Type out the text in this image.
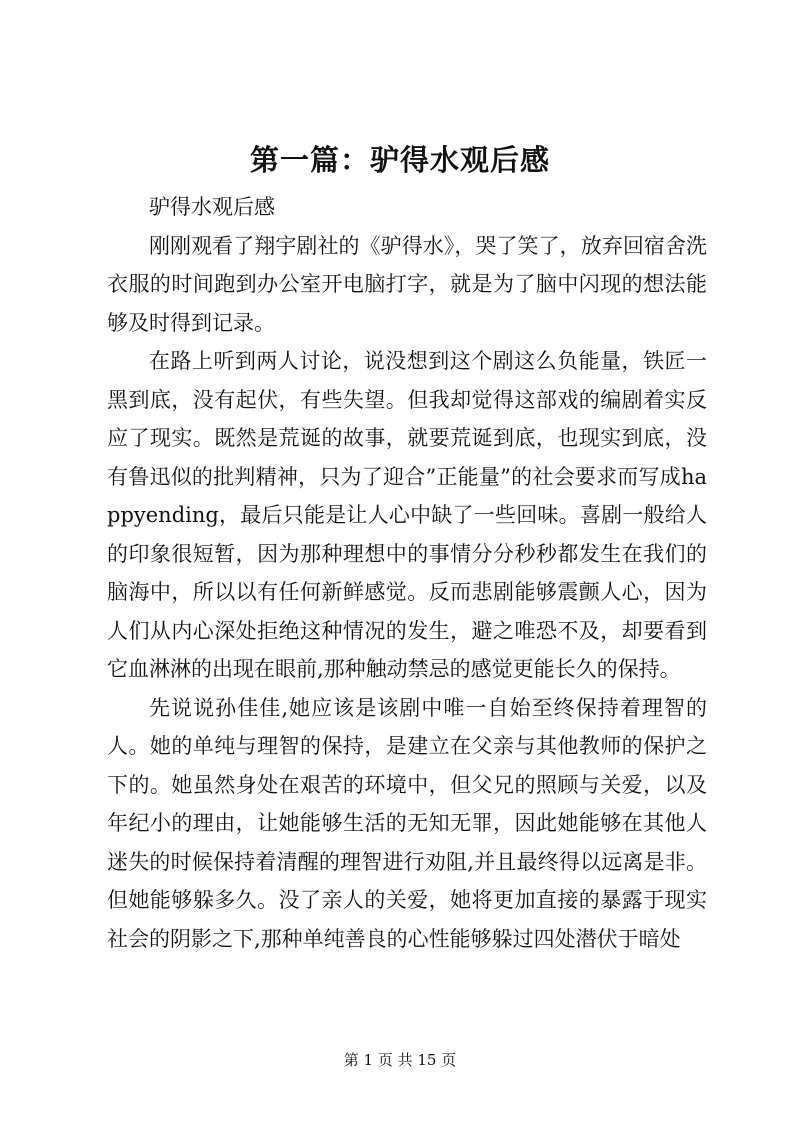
第一篇：驴得水观后感

驴得水观后感

刚刚观看了翔宇剧社的《驴得水》，哭了笑了，放弃回宿舍洗衣服的时间跑到办公室开电脑打字，就是为了脑中闪现的想法能够及时得到记录。

在路上听到两人讨论，说没想到这个剧这么负能量，铁匠一黑到底，没有起伏，有些失望。但我却觉得这部戏的编剧着实反应了现实。既然是荒诞的故事，就要荒诞到底，也现实到底，没有鲁迅似的批判精神，只为了迎合”正能量”的社会要求而写成happyending，最后只能是让人心中缺了一些回味。喜剧一般给人的印象很短暂，因为那种理想中的事情分分秒秒都发生在我们的脑海中，所以以有任何新鲜感觉。反而悲剧能够震颤人心，因为人们从内心深处拒绝这种情况的发生，避之唯恐不及，却要看到它血淋淋的出现在眼前,那种触动禁忌的感觉更能长久的保持。

先说说孙佳佳,她应该是该剧中唯一自始至终保持着理智的人。她的单纯与理智的保持，是建立在父亲与其他教师的保护之下的。她虽然身处在艰苦的环境中，但父兄的照顾与关爱，以及年纪小的理由，让她能够生活的无知无罪，因此她能够在其他人迷失的时候保持着清醒的理智进行劝阻,并且最终得以远离是非。但她能够躲多久。没了亲人的关爱，她将更加直接的暴露于现实社会的阴影之下,那种单纯善良的心性能够躲过四处潜伏于暗处

第 1 页 共 15 页
